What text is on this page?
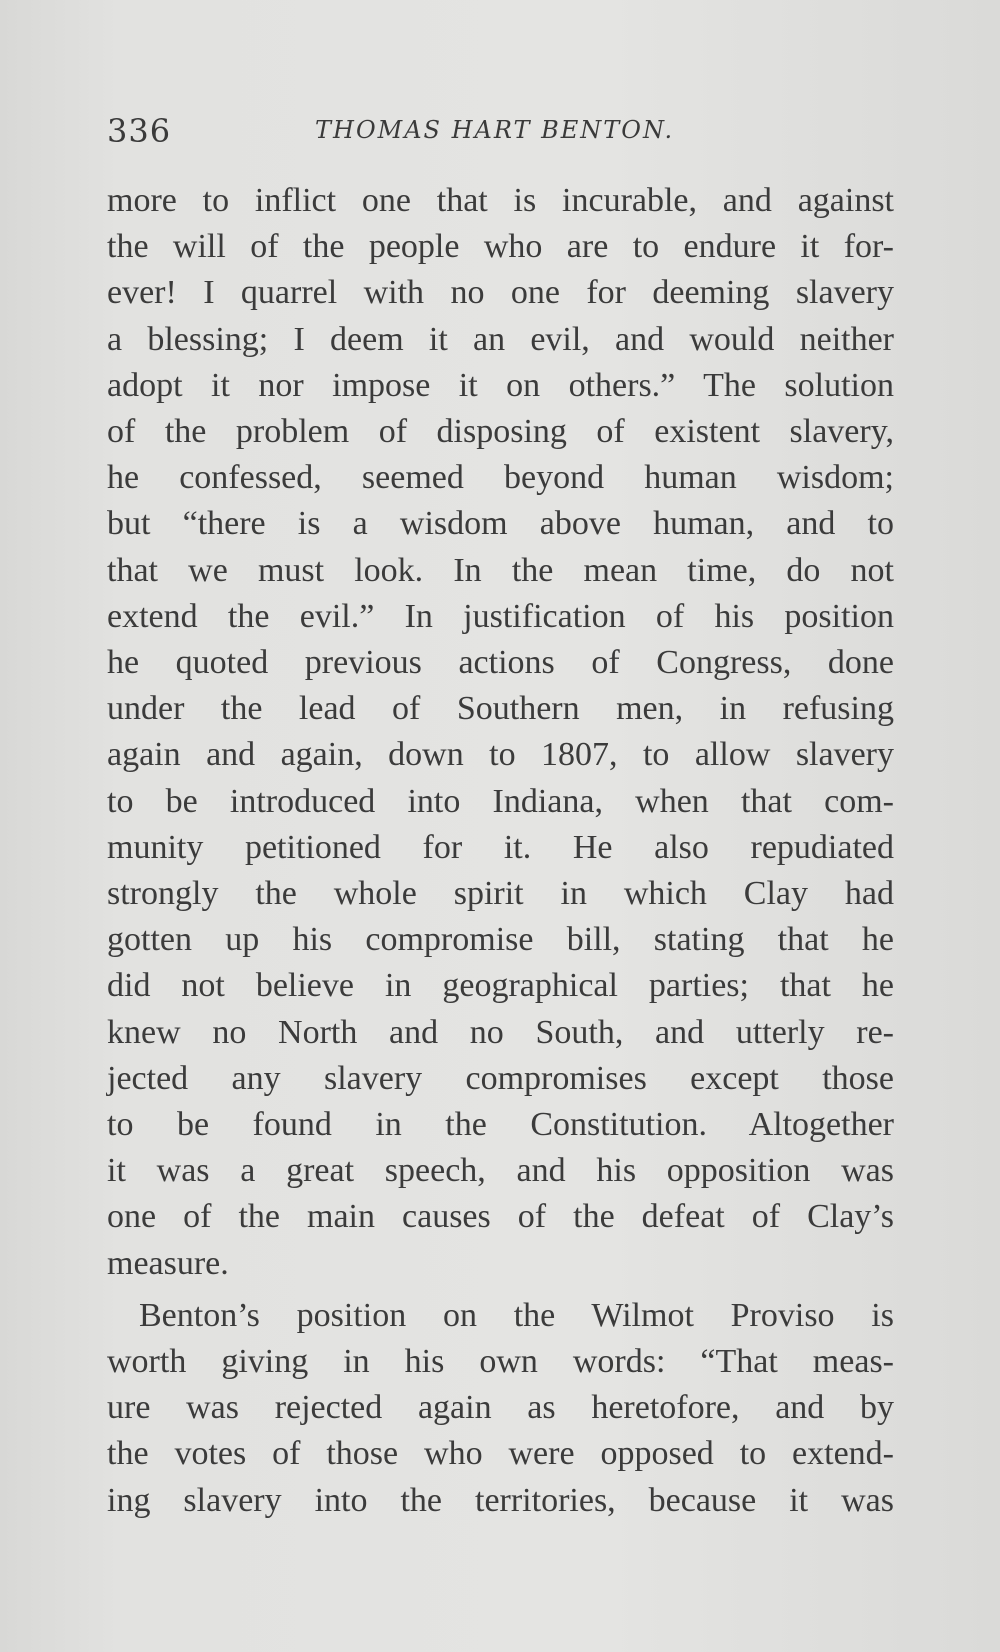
336	THOMAS HART BENTON.
more to inflict one that is incurable, and against
the will of the people who are to endure it for-
ever! I quarrel with no one for deeming slavery
a blessing; I deem it an evil, and would neither
adopt it nor impose it on others.” The solution
of the problem of disposing of existent slavery,
he confessed, seemed beyond human wisdom;
but “there is a wisdom above human, and to
that we must look. In the mean time, do not
extend the evil.” In justification of his position
he quoted previous actions of Congress, done
under the lead of Southern men, in refusing
again and again, down to 1807, to allow slavery
to be introduced into Indiana, when that com-
munity petitioned for it. He also repudiated
strongly the whole spirit in which Clay had
gotten up his compromise bill, stating that he
did not believe in geographical parties; that he
knew no North and no South, and utterly re-
jected any slavery compromises except those
to be found in the Constitution. Altogether
it was a great speech, and his opposition was
one of the main causes of the defeat of Clay’s
measure.
Benton’s position on the Wilmot Proviso is
worth giving in his own words: “That meas-
ure was rejected again as heretofore, and by
the votes of those who were opposed to extend-
ing slavery into the territories, because it was
